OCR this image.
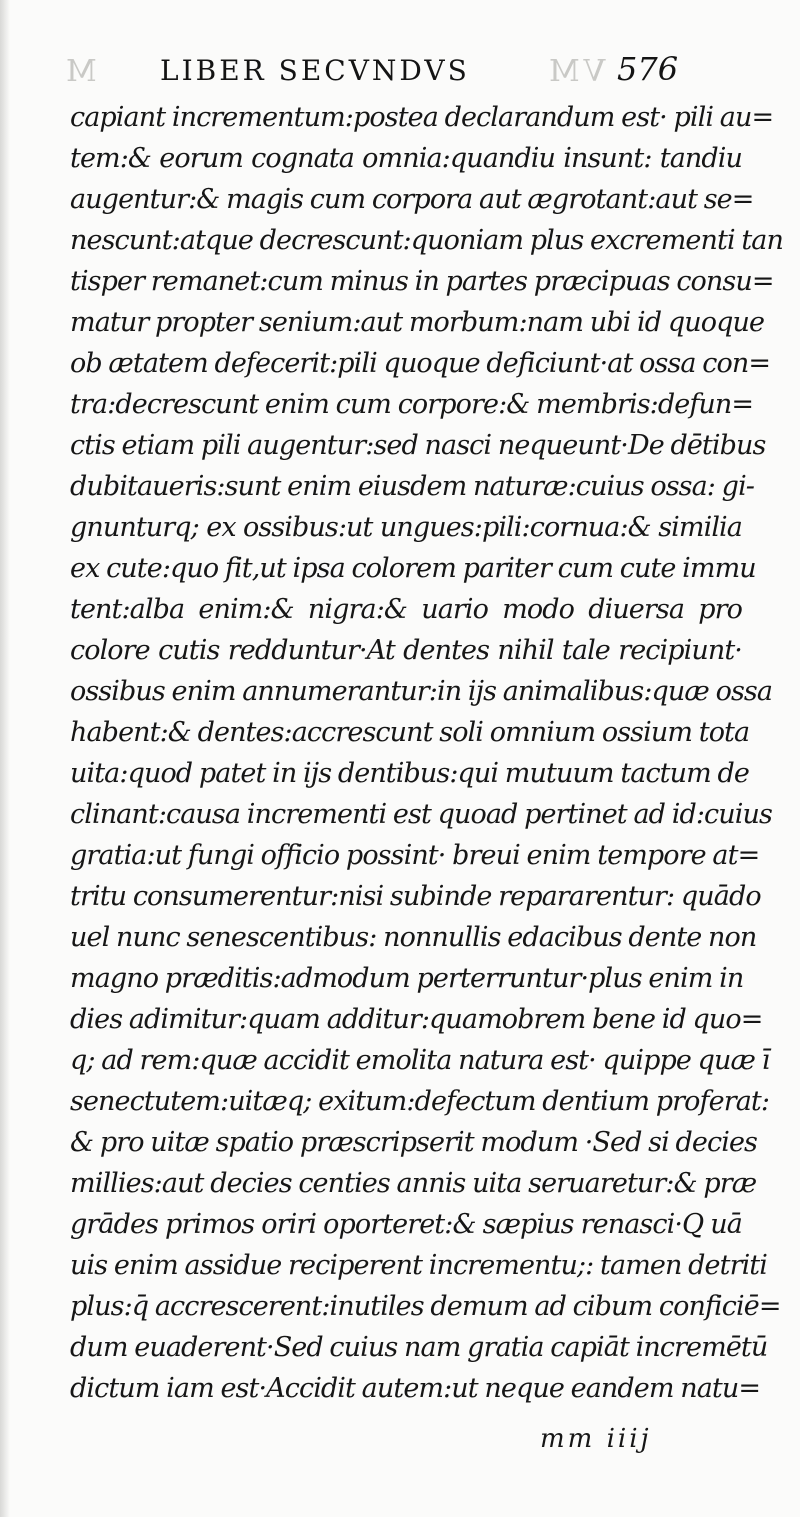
M	VM
LIBER SECVNDVS	576
capiant incrementum:postea declarandum est· pili au=
tem:& eorum cognata omnia:quandiu insunt: tandiu
augentur:& magis cum corpora aut ægrotant:aut se=
nescunt:atque decrescunt:quoniam plus excrementi tan
tisper remanet:cum minus in partes præcipuas consu=
matur propter senium:aut morbum:nam ubi id quoque
ob ætatem defecerit:pili quoque deficiunt·at ossa con=
tra:decrescunt enim cum corpore:& membris:defun=
ctis etiam pili augentur:sed nasci nequeunt·De dētibus
dubitaueris:sunt enim eiusdem naturæ:cuius ossa: gi-
gnunturq; ex ossibus:ut ungues:pili:cornua:& similia
ex cute:quo fit,ut ipsa colorem pariter cum cute immu
tent:alba enim:& nigra:& uario modo diuersa pro
colore cutis redduntur·At dentes nihil tale recipiunt·
ossibus enim annumerantur:in ijs animalibus:quæ ossa
habent:& dentes:accrescunt soli omnium ossium tota
uita:quod patet in ijs dentibus:qui mutuum tactum de
clinant:causa incrementi est quoad pertinet ad id:cuius
gratia:ut fungi officio possint· breui enim tempore at=
tritu consumerentur:nisi subinde repararentur: quādo
uel nunc senescentibus: nonnullis edacibus dente non
magno præditis:admodum perterruntur·plus enim in
dies adimitur:quam additur:quamobrem bene id quo=
q; ad rem:quæ accidit emolita natura est· quippe quæ ī
senectutem:uitæq; exitum:defectum dentium proferat:
& pro uitæ spatio præscripserit modum ·Sed si decies
millies:aut decies centies annis uita seruaretur:& præ
grādes primos oriri oporteret:& sæpius renasci·Q uā
uis enim assidue reciperent incrementu;: tamen detriti
plus:q̄ accrescerent:inutiles demum ad cibum conficiē=
dum euaderent·Sed cuius nam gratia capiāt incremētū
dictum iam est·Accidit autem:ut neque eandem natu=
mm iiij
